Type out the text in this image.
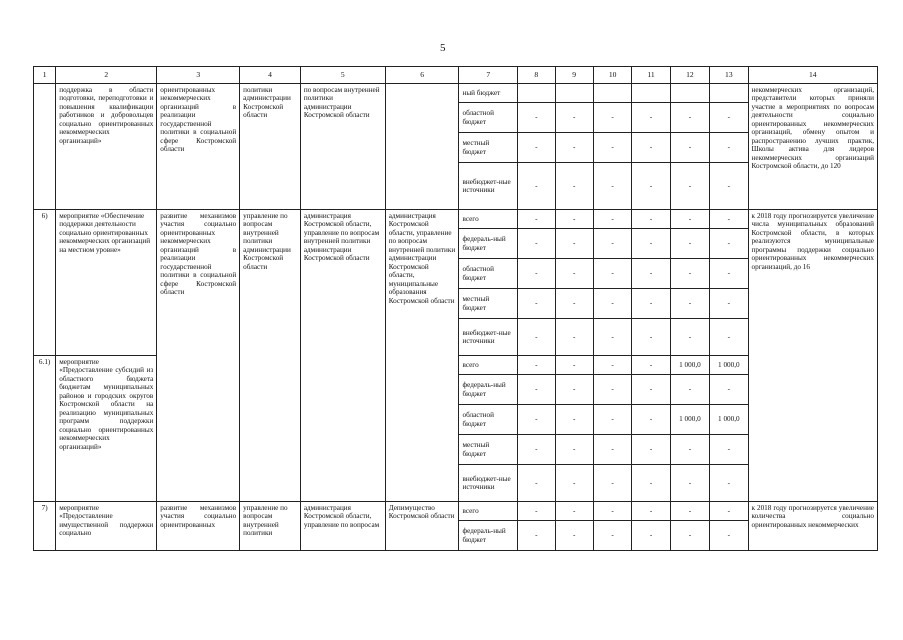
5
1	2	3	4	5	6	7	8	9	10	11	12	13	14
	поддержка в области подготовки, переподготовки и повышения квалификации работников и добровольцев социально ориентированных некоммерческих организаций»	ориентированных некоммерческих организаций в реализации государственной политики в социальной сфере Костромской области	политики администрации Костромской области	по вопросам внутренней политики администрации Костромской области		ный бюджет							некоммерческих организаций, представители которых приняли участие в мероприятиях по вопросам деятельности социально ориентированных некоммерческих организаций, обмену опытом и распространению лучших практик, Школы актива для лидеров некоммерческих организаций Костромской области, до 120
						областной бюджет	-	-	-	-	-	-	
						местный бюджет	-	-	-	-	-	-	
						внебюджет-ные источники	-	-	-	-	-	-	
6)	мероприятие «Обеспечение поддержки деятельности социально ориентированных некоммерческих организаций на местном уровне»	развитие механизмов участия социально ориентированных некоммерческих организаций в реализации государственной политики в социальной сфере Костромской области	управление по вопросам внутренней политики администрации Костромской области	администрация Костромской области, управление по вопросам внутренней политики администрации Костромской области	администрация Костромской области, управление по вопросам внутренней политики администрации Костромской области, муниципальные образования Костромской области	всего	-	-	-	-	-	-	к 2018 году прогнозируется увеличение числа муниципальных образований Костромской области, в которых реализуются муниципальные программы поддержки социально ориентированных некоммерческих организаций, до 16
						федераль-ный бюджет	-	-	-	-	-	-	
						областной бюджет	-	-	-	-	-	-	
						местный бюджет	-	-	-	-	-	-	
						внебюджет-ные источники	-	-	-	-	-	-	
6.1)	мероприятие «Предоставление субсидий из областного бюджета бюджетам муниципальных районов и городских округов Костромской области на реализацию муниципальных программ поддержки социально ориентированных некоммерческих организаций»					всего	-	-	-	-	1 000,0	1 000,0	
						федераль-ный бюджет	-	-	-	-	-	-	
						областной бюджет	-	-	-	-	1 000,0	1 000,0	
						местный бюджет	-	-	-	-	-	-	
						внебюджет-ные источники	-	-	-	-	-	-	
7)	мероприятие «Предоставление имущественной поддержки социально	развитие механизмов участия социально ориентированных	управление по вопросам внутренней политики	администрация Костромской области, управление по вопросам	Депимущество Костромской области	всего	-	-	-	-	-	-	к 2018 году прогнозируется увеличение количества социально ориентированных некоммерческих
						федераль-ный бюджет	-	-	-	-	-	-	
